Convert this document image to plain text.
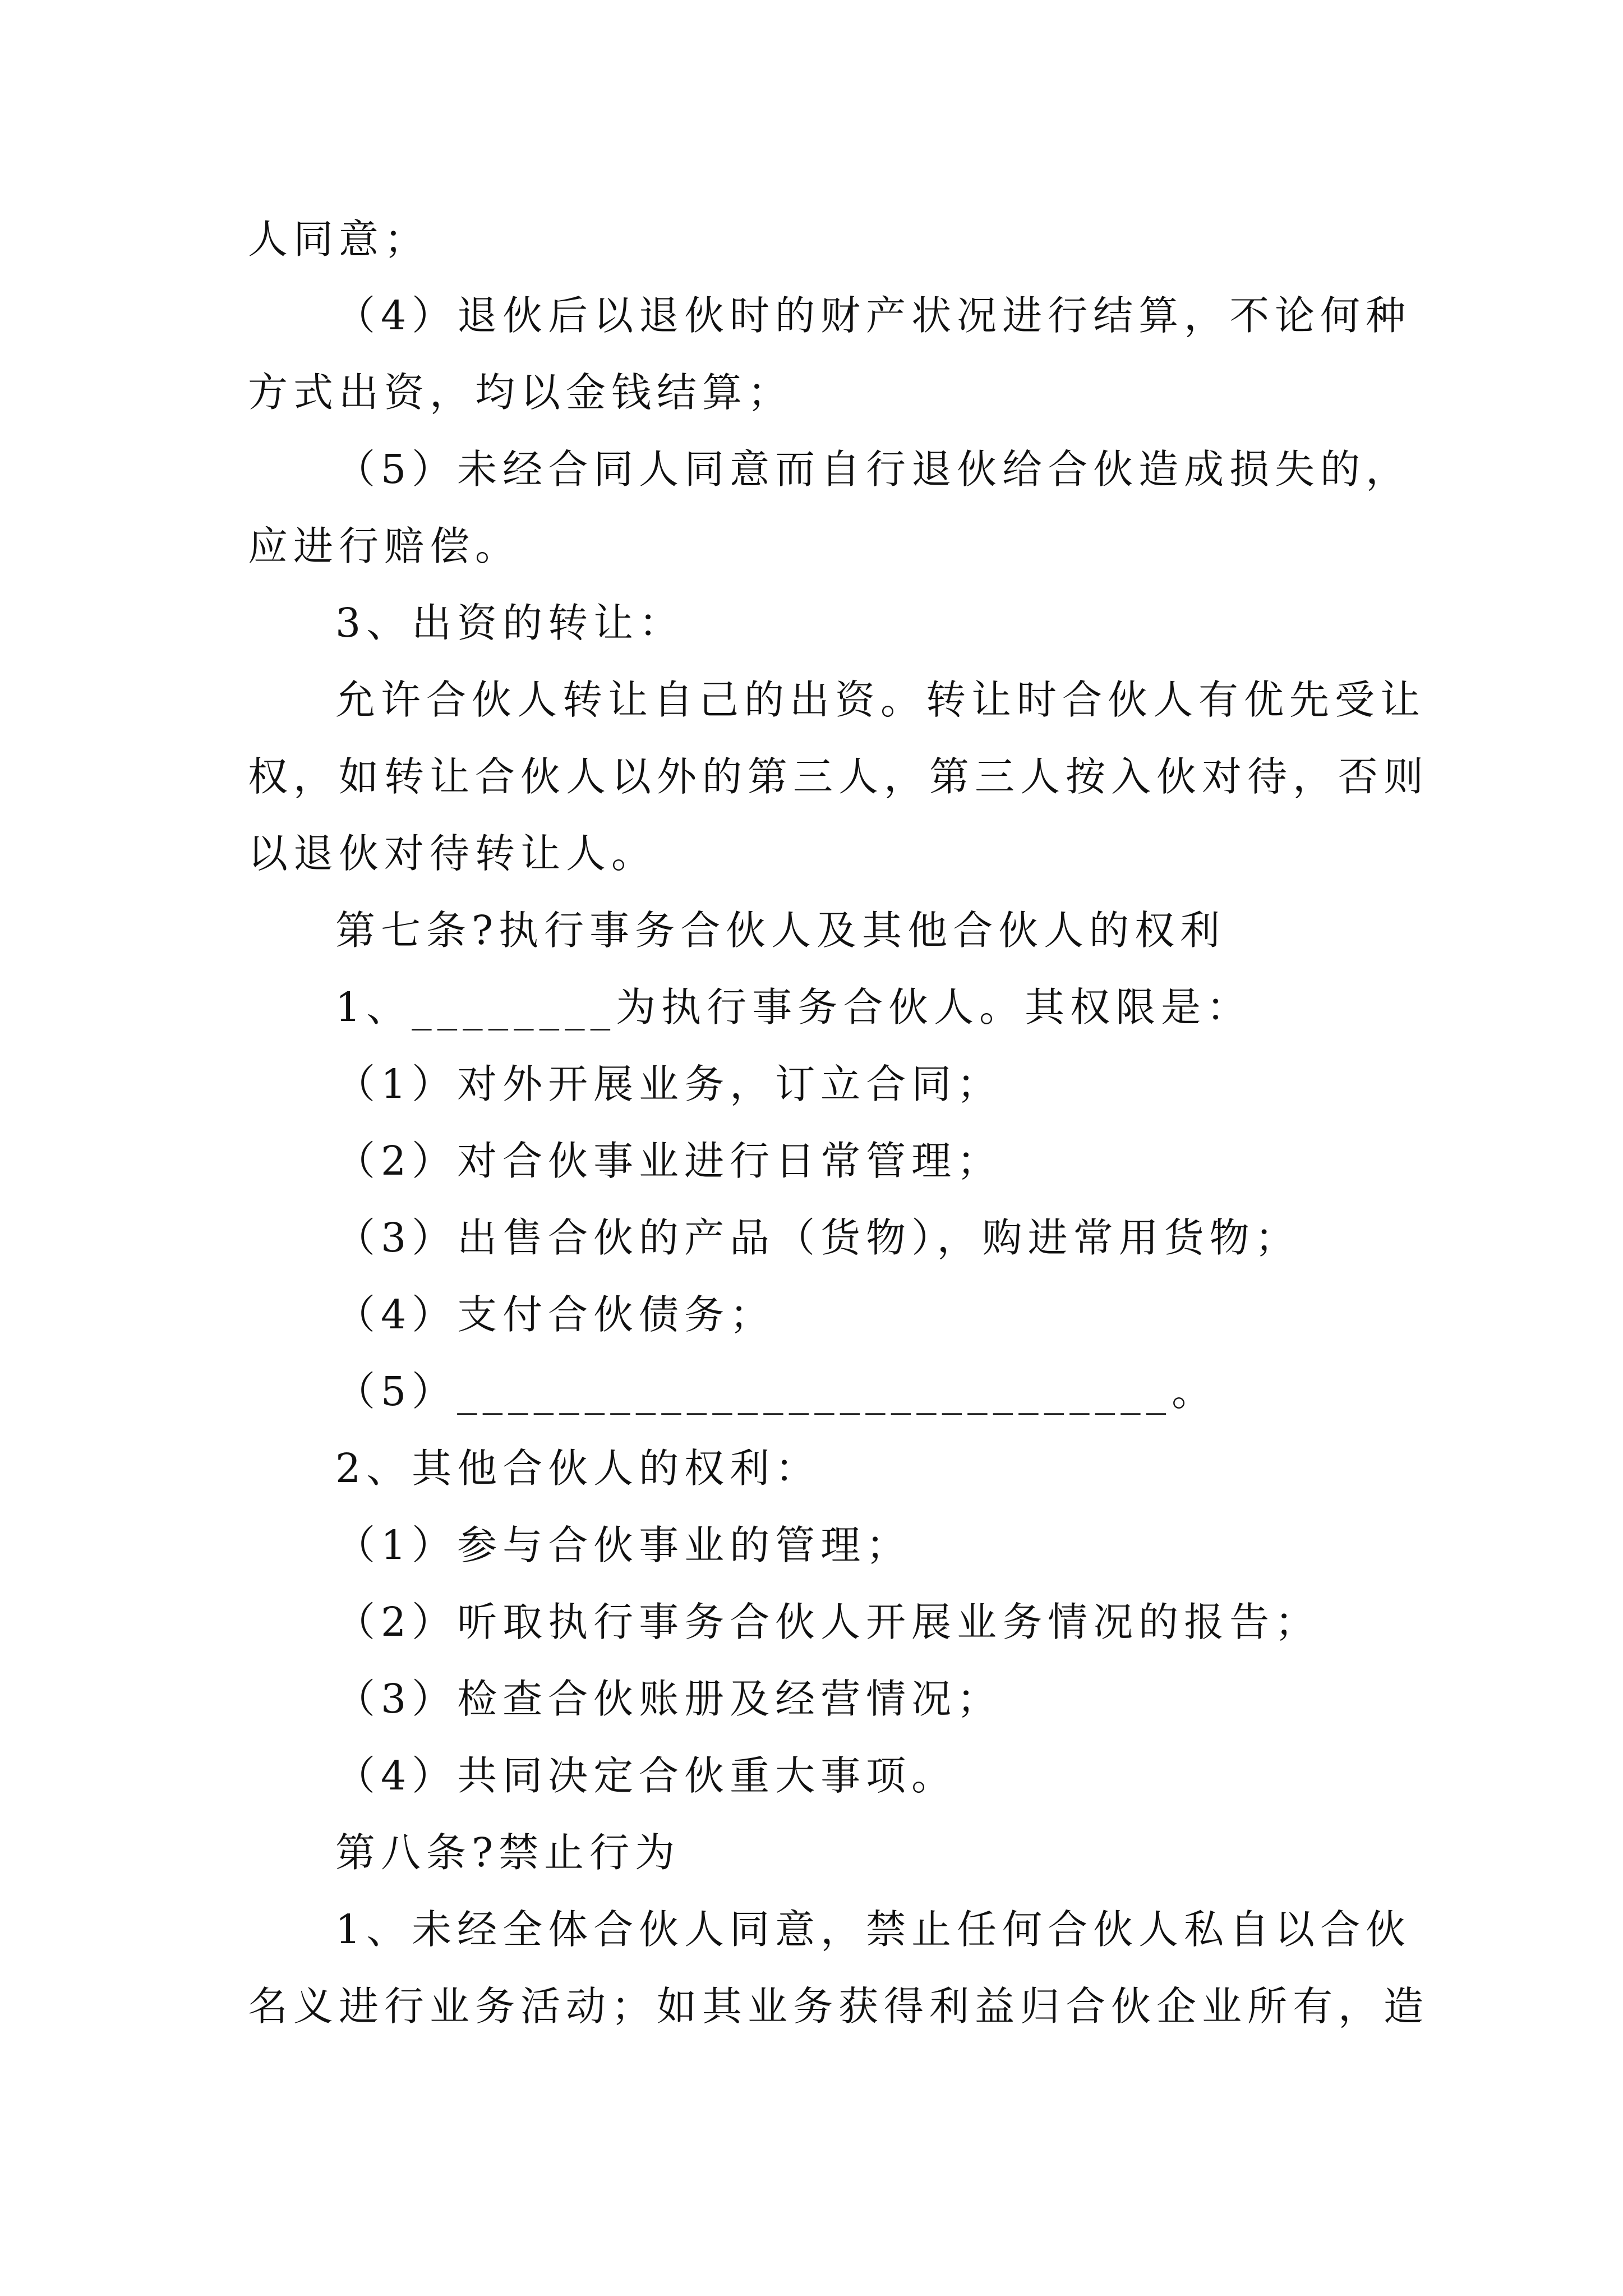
人同意；
（4）退伙后以退伙时的财产状况进行结算，不论何种
方式出资，均以金钱结算；
（5）未经合同人同意而自行退伙给合伙造成损失的，
应进行赔偿。
3、出资的转让：
允许合伙人转让自己的出资。转让时合伙人有优先受让
权，如转让合伙人以外的第三人，第三人按入伙对待，否则
以退伙对待转让人。
第七条?执行事务合伙人及其他合伙人的权利
1、________为执行事务合伙人。其权限是：
（1）对外开展业务，订立合同；
（2）对合伙事业进行日常管理；
（3）出售合伙的产品（货物），购进常用货物；
（4）支付合伙债务；
（5）____________________________。
2、其他合伙人的权利：
（1）参与合伙事业的管理；
（2）听取执行事务合伙人开展业务情况的报告；
（3）检查合伙账册及经营情况；
（4）共同决定合伙重大事项。
第八条?禁止行为
1、未经全体合伙人同意，禁止任何合伙人私自以合伙
名义进行业务活动；如其业务获得利益归合伙企业所有，造
